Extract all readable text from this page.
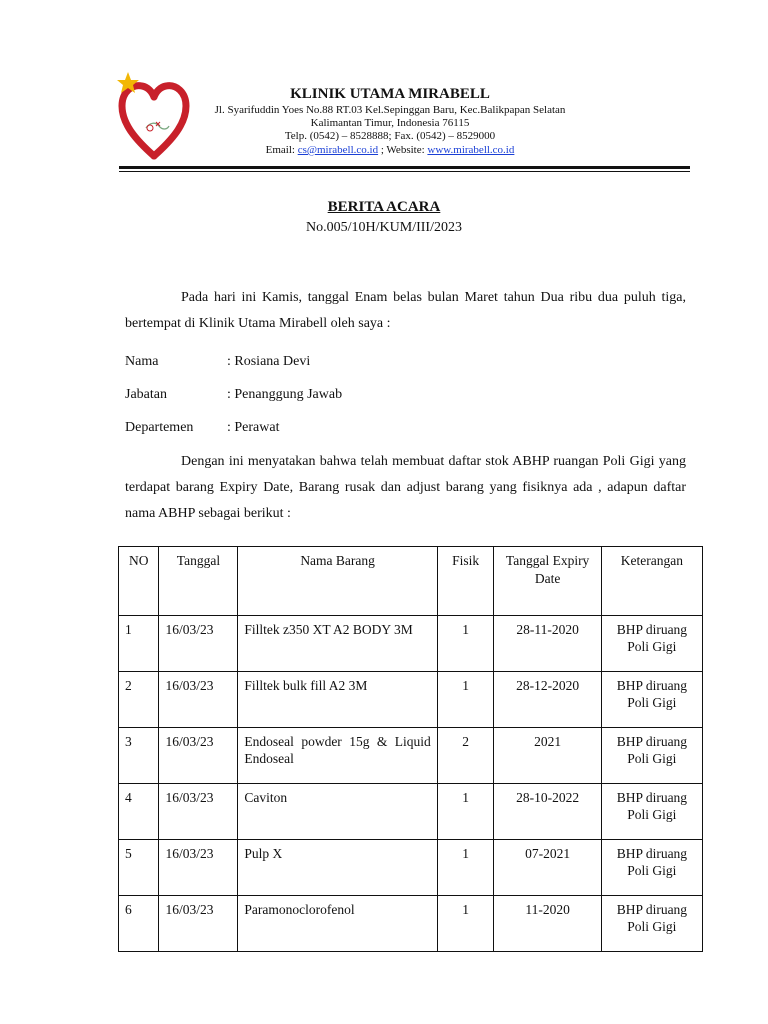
KLINIK UTAMA MIRABELL
Jl. Syarifuddin Yoes No.88 RT.03 Kel.Sepinggan Baru, Kec.Balikpapan Selatan
Kalimantan Timur, Indonesia 76115
Telp. (0542) – 8528888; Fax. (0542) – 8529000
Email: cs@mirabell.co.id ; Website: www.mirabell.co.id
BERITA ACARA
No.005/10H/KUM/III/2023
Pada hari ini Kamis, tanggal Enam belas bulan Maret tahun Dua ribu dua puluh tiga, bertempat di Klinik Utama Mirabell oleh saya :
Nama	: Rosiana Devi
Jabatan	: Penanggung Jawab
Departemen : Perawat
Dengan ini menyatakan bahwa telah membuat daftar stok ABHP ruangan Poli Gigi yang terdapat barang Expiry Date, Barang rusak dan adjust barang yang fisiknya ada , adapun daftar nama ABHP sebagai berikut :
NO	Tanggal	Nama Barang	Fisik	Tanggal Expiry Date	Keterangan
1	16/03/23	Filltek z350 XT A2 BODY 3M	1	28-11-2020	BHP diruang Poli Gigi
2	16/03/23	Filltek bulk fill A2 3M	1	28-12-2020	BHP diruang Poli Gigi
3	16/03/23	Endoseal powder 15g & Liquid Endoseal	2	2021	BHP diruang Poli Gigi
4	16/03/23	Caviton	1	28-10-2022	BHP diruang Poli Gigi
5	16/03/23	Pulp X	1	07-2021	BHP diruang Poli Gigi
6	16/03/23	Paramonoclorofenol	1	11-2020	BHP diruang Poli Gigi
